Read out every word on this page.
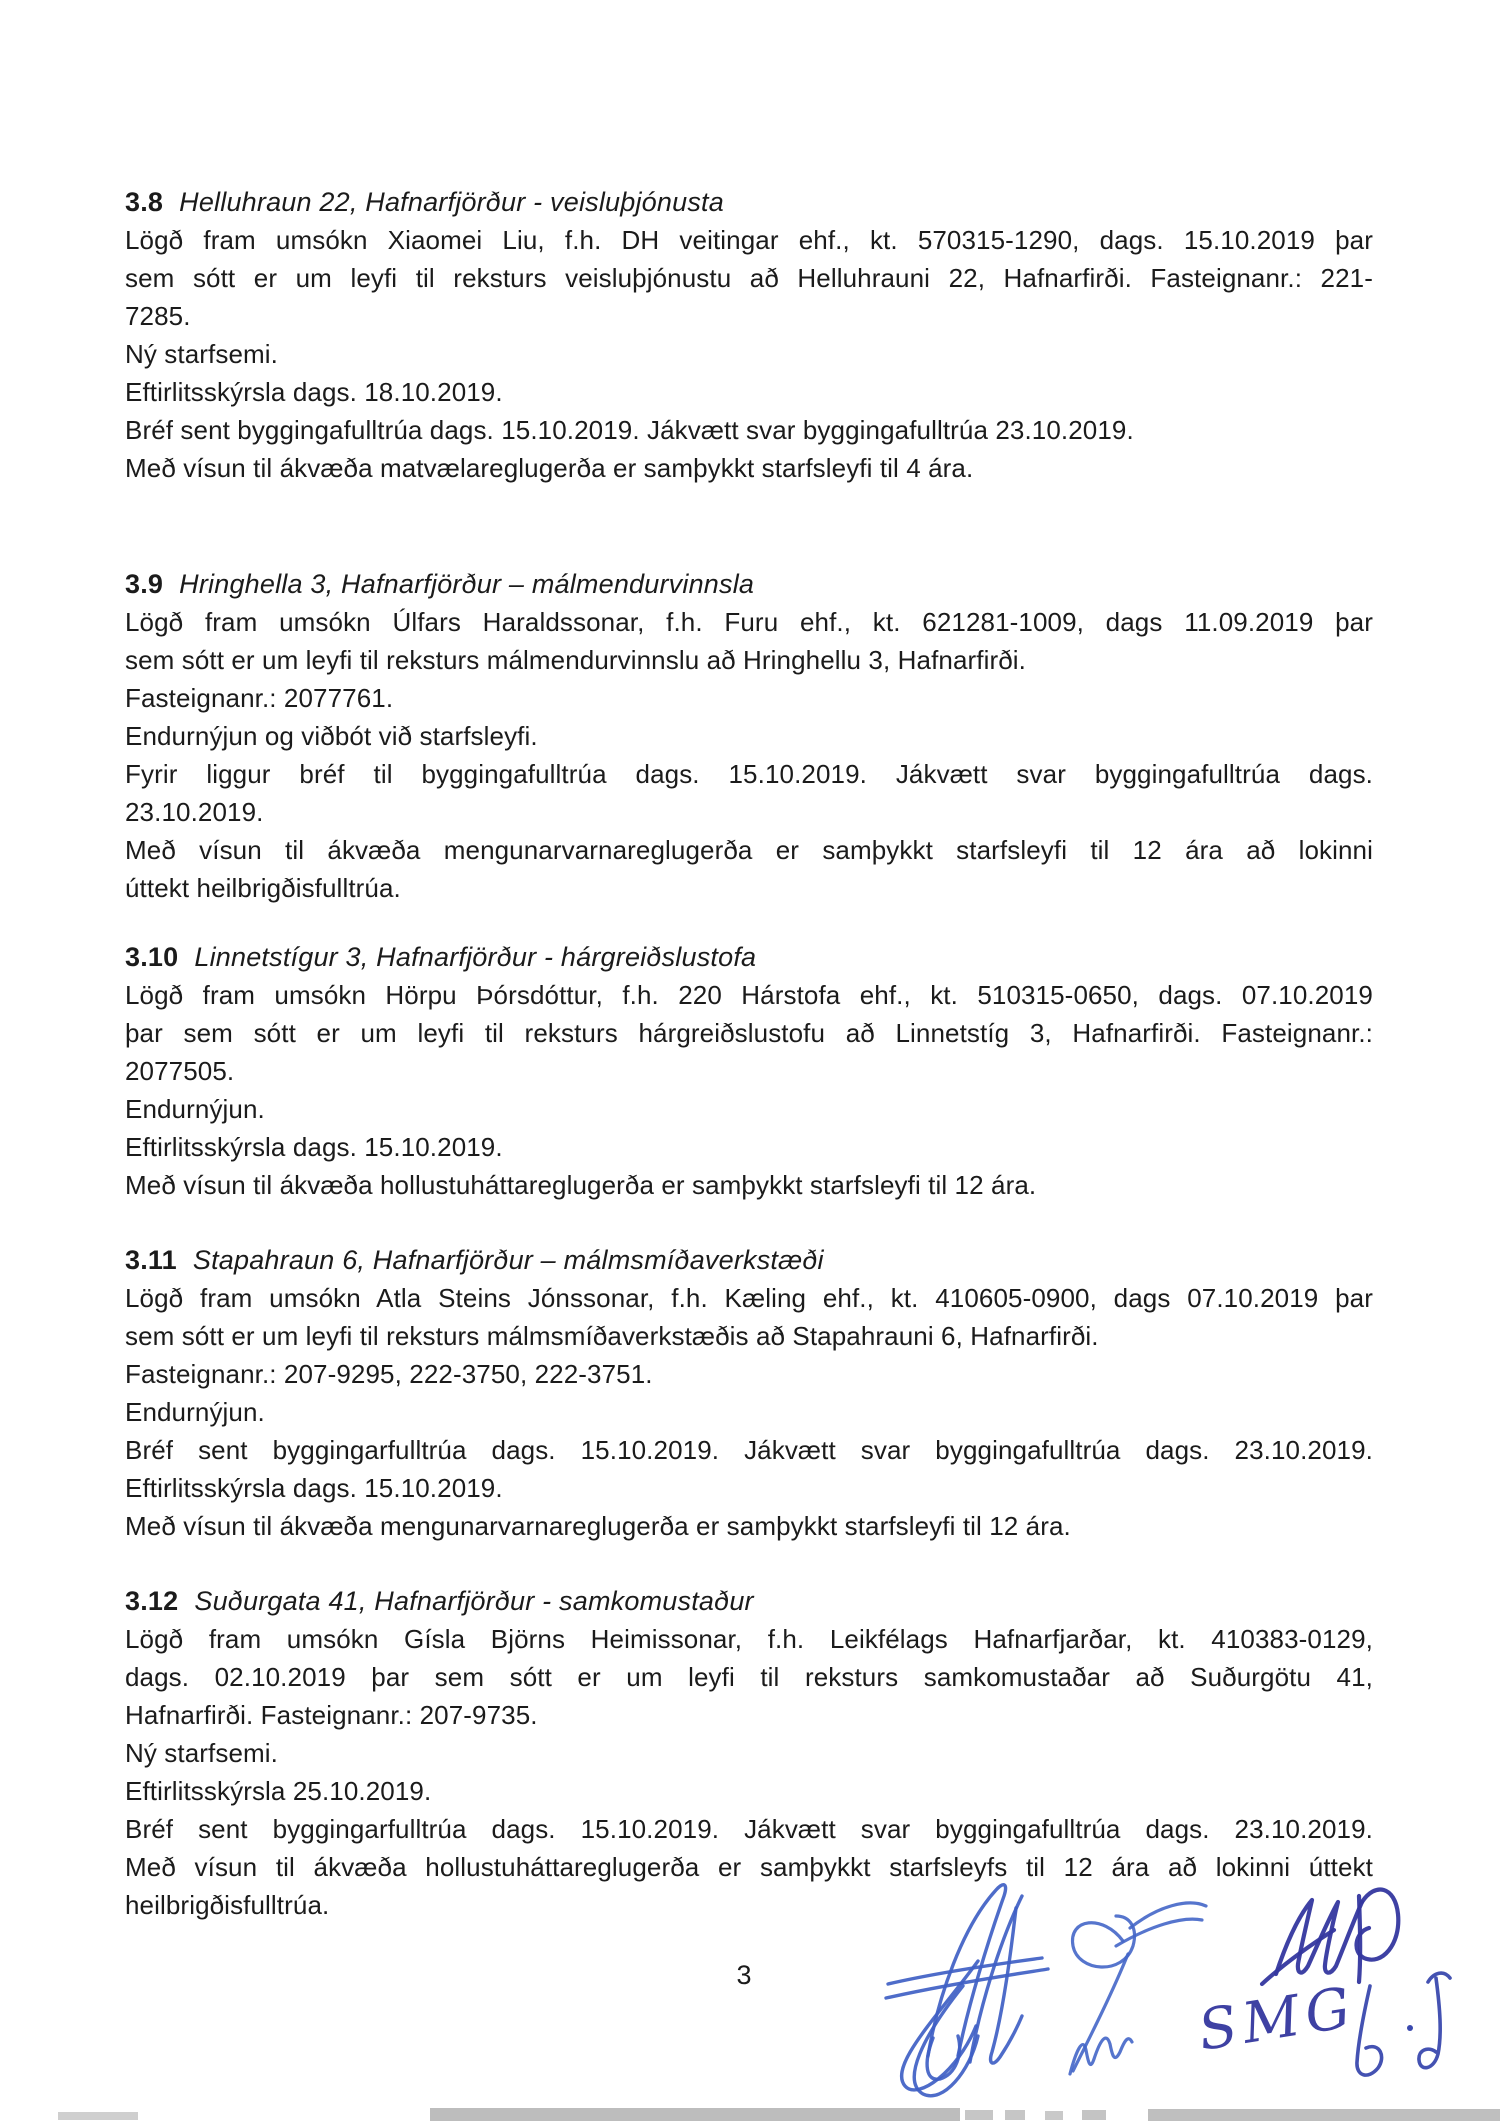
3.8 Helluhraun 22, Hafnarfjörður - veisluþjónusta
Lögð fram umsókn Xiaomei Liu, f.h. DH veitingar ehf., kt. 570315-1290, dags. 15.10.2019 þar
sem sótt er um leyfi til reksturs veisluþjónustu að Helluhrauni 22, Hafnarfirði. Fasteignanr.: 221-
7285.
Ný starfsemi.
Eftirlitsskýrsla dags. 18.10.2019.
Bréf sent byggingafulltrúa dags. 15.10.2019. Jákvætt svar byggingafulltrúa 23.10.2019.
Með vísun til ákvæða matvælareglugerða er samþykkt starfsleyfi til 4 ára.
3.9 Hringhella 3, Hafnarfjörður – málmendurvinnsla
Lögð fram umsókn Úlfars Haraldssonar, f.h. Furu ehf., kt. 621281-1009, dags 11.09.2019 þar
sem sótt er um leyfi til reksturs málmendurvinnslu að Hringhellu 3, Hafnarfirði.
Fasteignanr.: 2077761.
Endurnýjun og viðbót við starfsleyfi.
Fyrir liggur bréf til byggingafulltrúa dags. 15.10.2019. Jákvætt svar byggingafulltrúa dags.
23.10.2019.
Með vísun til ákvæða mengunarvarnareglugerða er samþykkt starfsleyfi til 12 ára að lokinni
úttekt heilbrigðisfulltrúa.
3.10 Linnetstígur 3, Hafnarfjörður - hárgreiðslustofa
Lögð fram umsókn Hörpu Þórsdóttur, f.h. 220 Hárstofa ehf., kt. 510315-0650, dags. 07.10.2019
þar sem sótt er um leyfi til reksturs hárgreiðslustofu að Linnetstíg 3, Hafnarfirði. Fasteignanr.:
2077505.
Endurnýjun.
Eftirlitsskýrsla dags. 15.10.2019.
Með vísun til ákvæða hollustuháttareglugerða er samþykkt starfsleyfi til 12 ára.
3.11 Stapahraun 6, Hafnarfjörður – málmsmíðaverkstæði
Lögð fram umsókn Atla Steins Jónssonar, f.h. Kæling ehf., kt. 410605-0900, dags 07.10.2019 þar
sem sótt er um leyfi til reksturs málmsmíðaverkstæðis að Stapahrauni 6, Hafnarfirði.
Fasteignanr.: 207-9295, 222-3750, 222-3751.
Endurnýjun.
Bréf sent byggingarfulltrúa dags. 15.10.2019. Jákvætt svar byggingafulltrúa dags. 23.10.2019.
Eftirlitsskýrsla dags. 15.10.2019.
Með vísun til ákvæða mengunarvarnareglugerða er samþykkt starfsleyfi til 12 ára.
3.12 Suðurgata 41, Hafnarfjörður - samkomustaður
Lögð fram umsókn Gísla Björns Heimissonar, f.h. Leikfélags Hafnarfjarðar, kt. 410383-0129,
dags. 02.10.2019 þar sem sótt er um leyfi til reksturs samkomustaðar að Suðurgötu 41,
Hafnarfirði. Fasteignanr.: 207-9735.
Ný starfsemi.
Eftirlitsskýrsla 25.10.2019.
Bréf sent byggingarfulltrúa dags. 15.10.2019. Jákvætt svar byggingafulltrúa dags. 23.10.2019.
Með vísun til ákvæða hollustuháttareglugerða er samþykkt starfsleyfs til 12 ára að lokinni úttekt
heilbrigðisfulltrúa.
3	SMG
